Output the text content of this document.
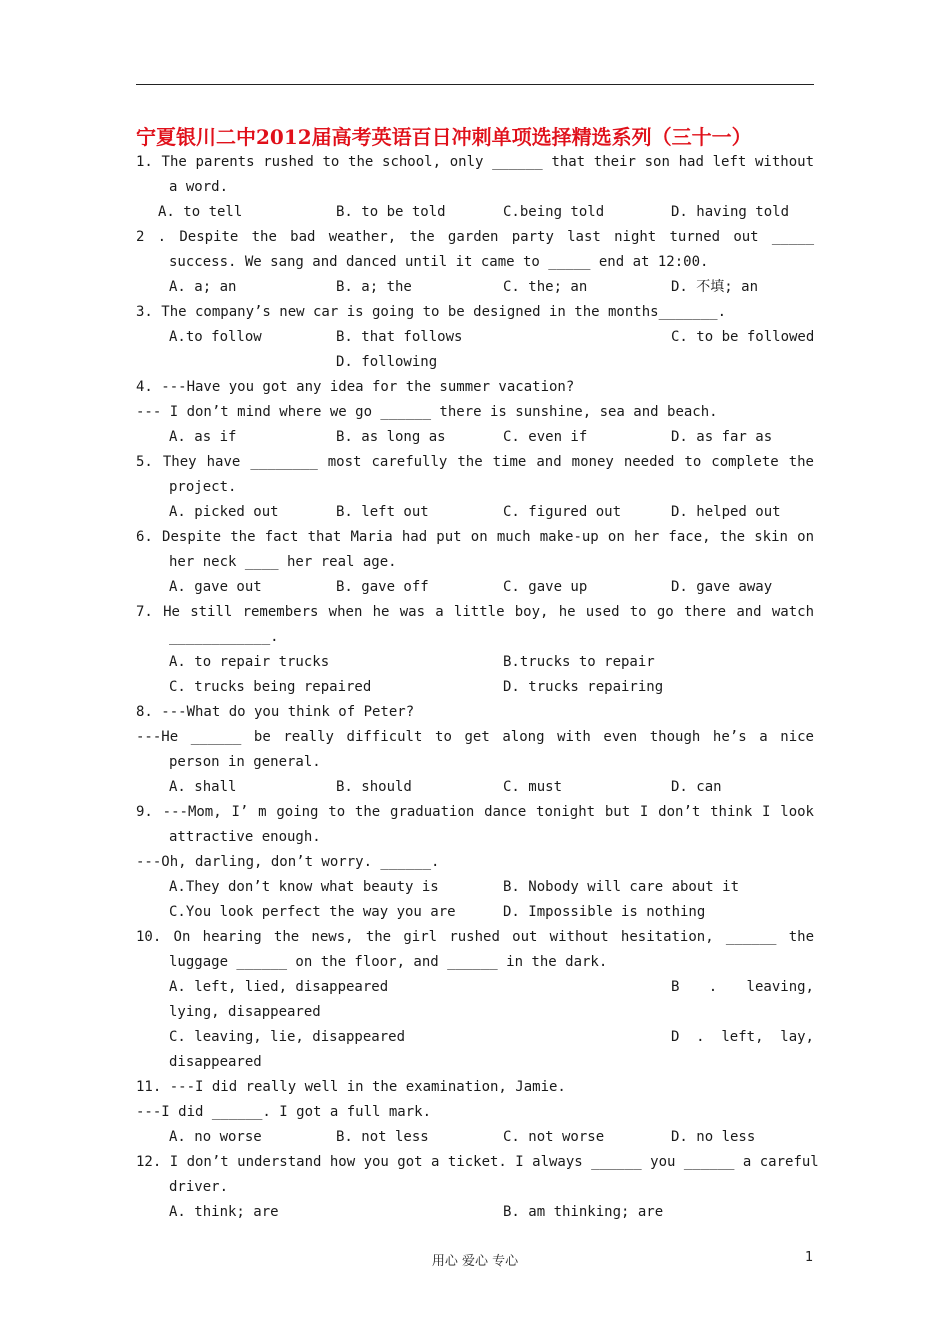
宁夏银川二中2012届高考英语百日冲刺单项选择精选系列（三十一）
1. The parents rushed to the school, only ______ that their son had left without
a word.

A. to tell

	B. to be told

	C.being told

	D. having told

2 . Despite the bad weather, the garden party last night turned out _____
success. We sang and danced until it came to _____ end at 12:00.

A. a; an

	B. a; the

	C. the; an

	D. 不填; an

3. The company’s new car is going to be designed in the months_______.

A.to follow

	B. that follows

	C. to be followed

D. following

4. ---Have you got any idea for the summer vacation?
--- I don’t mind where we go ______ there is sunshine, sea and beach.

A. as if

	B. as long as

	C. even if

	D. as far as

5. They have ________ most carefully the time and money needed to complete the
project.

A. picked out

	B. left out

	C. figured out

	D. helped out

6. Despite the fact that Maria had put on much make-up on her face, the skin on
her neck ____ her real age.

A. gave out

	B. gave off

	C. gave up

	D. gave away

7. He still remembers when he was a little boy, he used to go there and watch
____________.

A. to repair trucks

	B.trucks to repair

C. trucks being repaired

	D. trucks repairing

8. ---What do you think of Peter?
---He ______ be really difficult to get along with even though he’s a nice
person in general.

A. shall

	B. should

	C. must

	D. can

9. ---Mom, I’ m going to the graduation dance tonight but I don’t think I look
attractive enough.
---Oh, darling, don’t worry. ______.

A.They don’t know what beauty is

	B. Nobody will care about it

C.You look perfect the way you are

	D. Impossible is nothing

10. On hearing the news, the girl rushed out without hesitation, ______ the
luggage ______ on the floor, and ______ in the dark.

A. left, lied, disappeared

	B . leaving,

lying, disappeared

C. leaving, lie, disappeared

	D . left, lay,

disappeared
11. ---I did really well in the examination, Jamie.
---I did ______. I got a full mark.

A. no worse

	B. not less

	C. not worse

	D. no less

12. I don’t understand how you got a ticket. I always ______ you ______ a careful
driver.

A. think; are

	B. am thinking; are

用心 爱心 专心	1
